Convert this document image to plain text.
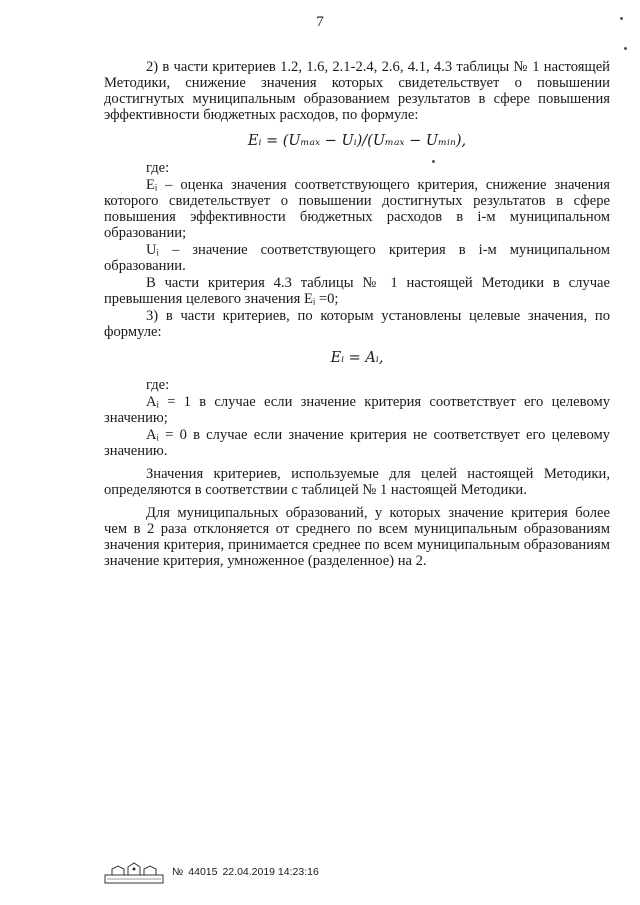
7

2) в части критериев 1.2, 1.6, 2.1-2.4, 2.6, 4.1, 4.3 таблицы № 1 настоящей Методики, снижение значения которых свидетельствует о повышении достигнутых муниципальным образованием результатов в сфере повышения эффективности бюджетных расходов, по формуле:

Eᵢ = (Uₘₐₓ − Uᵢ)/(Uₘₐₓ − Uₘᵢₙ),

где:

Eᵢ – оценка значения соответствующего критерия, снижение значения которого свидетельствует о повышении достигнутых результатов в сфере повышения эффективности бюджетных расходов в i-м муниципальном образовании;

Uᵢ – значение соответствующего критерия в i-м муниципальном образовании.

В части критерия 4.3 таблицы № 1 настоящей Методики в случае превышения целевого значения Eᵢ =0;

3) в части критериев, по которым установлены целевые значения, по формуле:

Eᵢ = Aᵢ,

где:

Aᵢ = 1 в случае если значение критерия соответствует его целевому значению;

Aᵢ = 0 в случае если значение критерия не соответствует его целевому значению.

Значения критериев, используемые для целей настоящей Методики, определяются в соответствии с таблицей № 1 настоящей Методики.

Для муниципальных образований, у которых значение критерия более чем в 2 раза отклоняется от среднего по всем муниципальным образованиям значения критерия, принимается среднее по всем муниципальным образованиям значение критерия, умноженное (разделенное) на 2.

№ 44015 22.04.2019 14:23:16
